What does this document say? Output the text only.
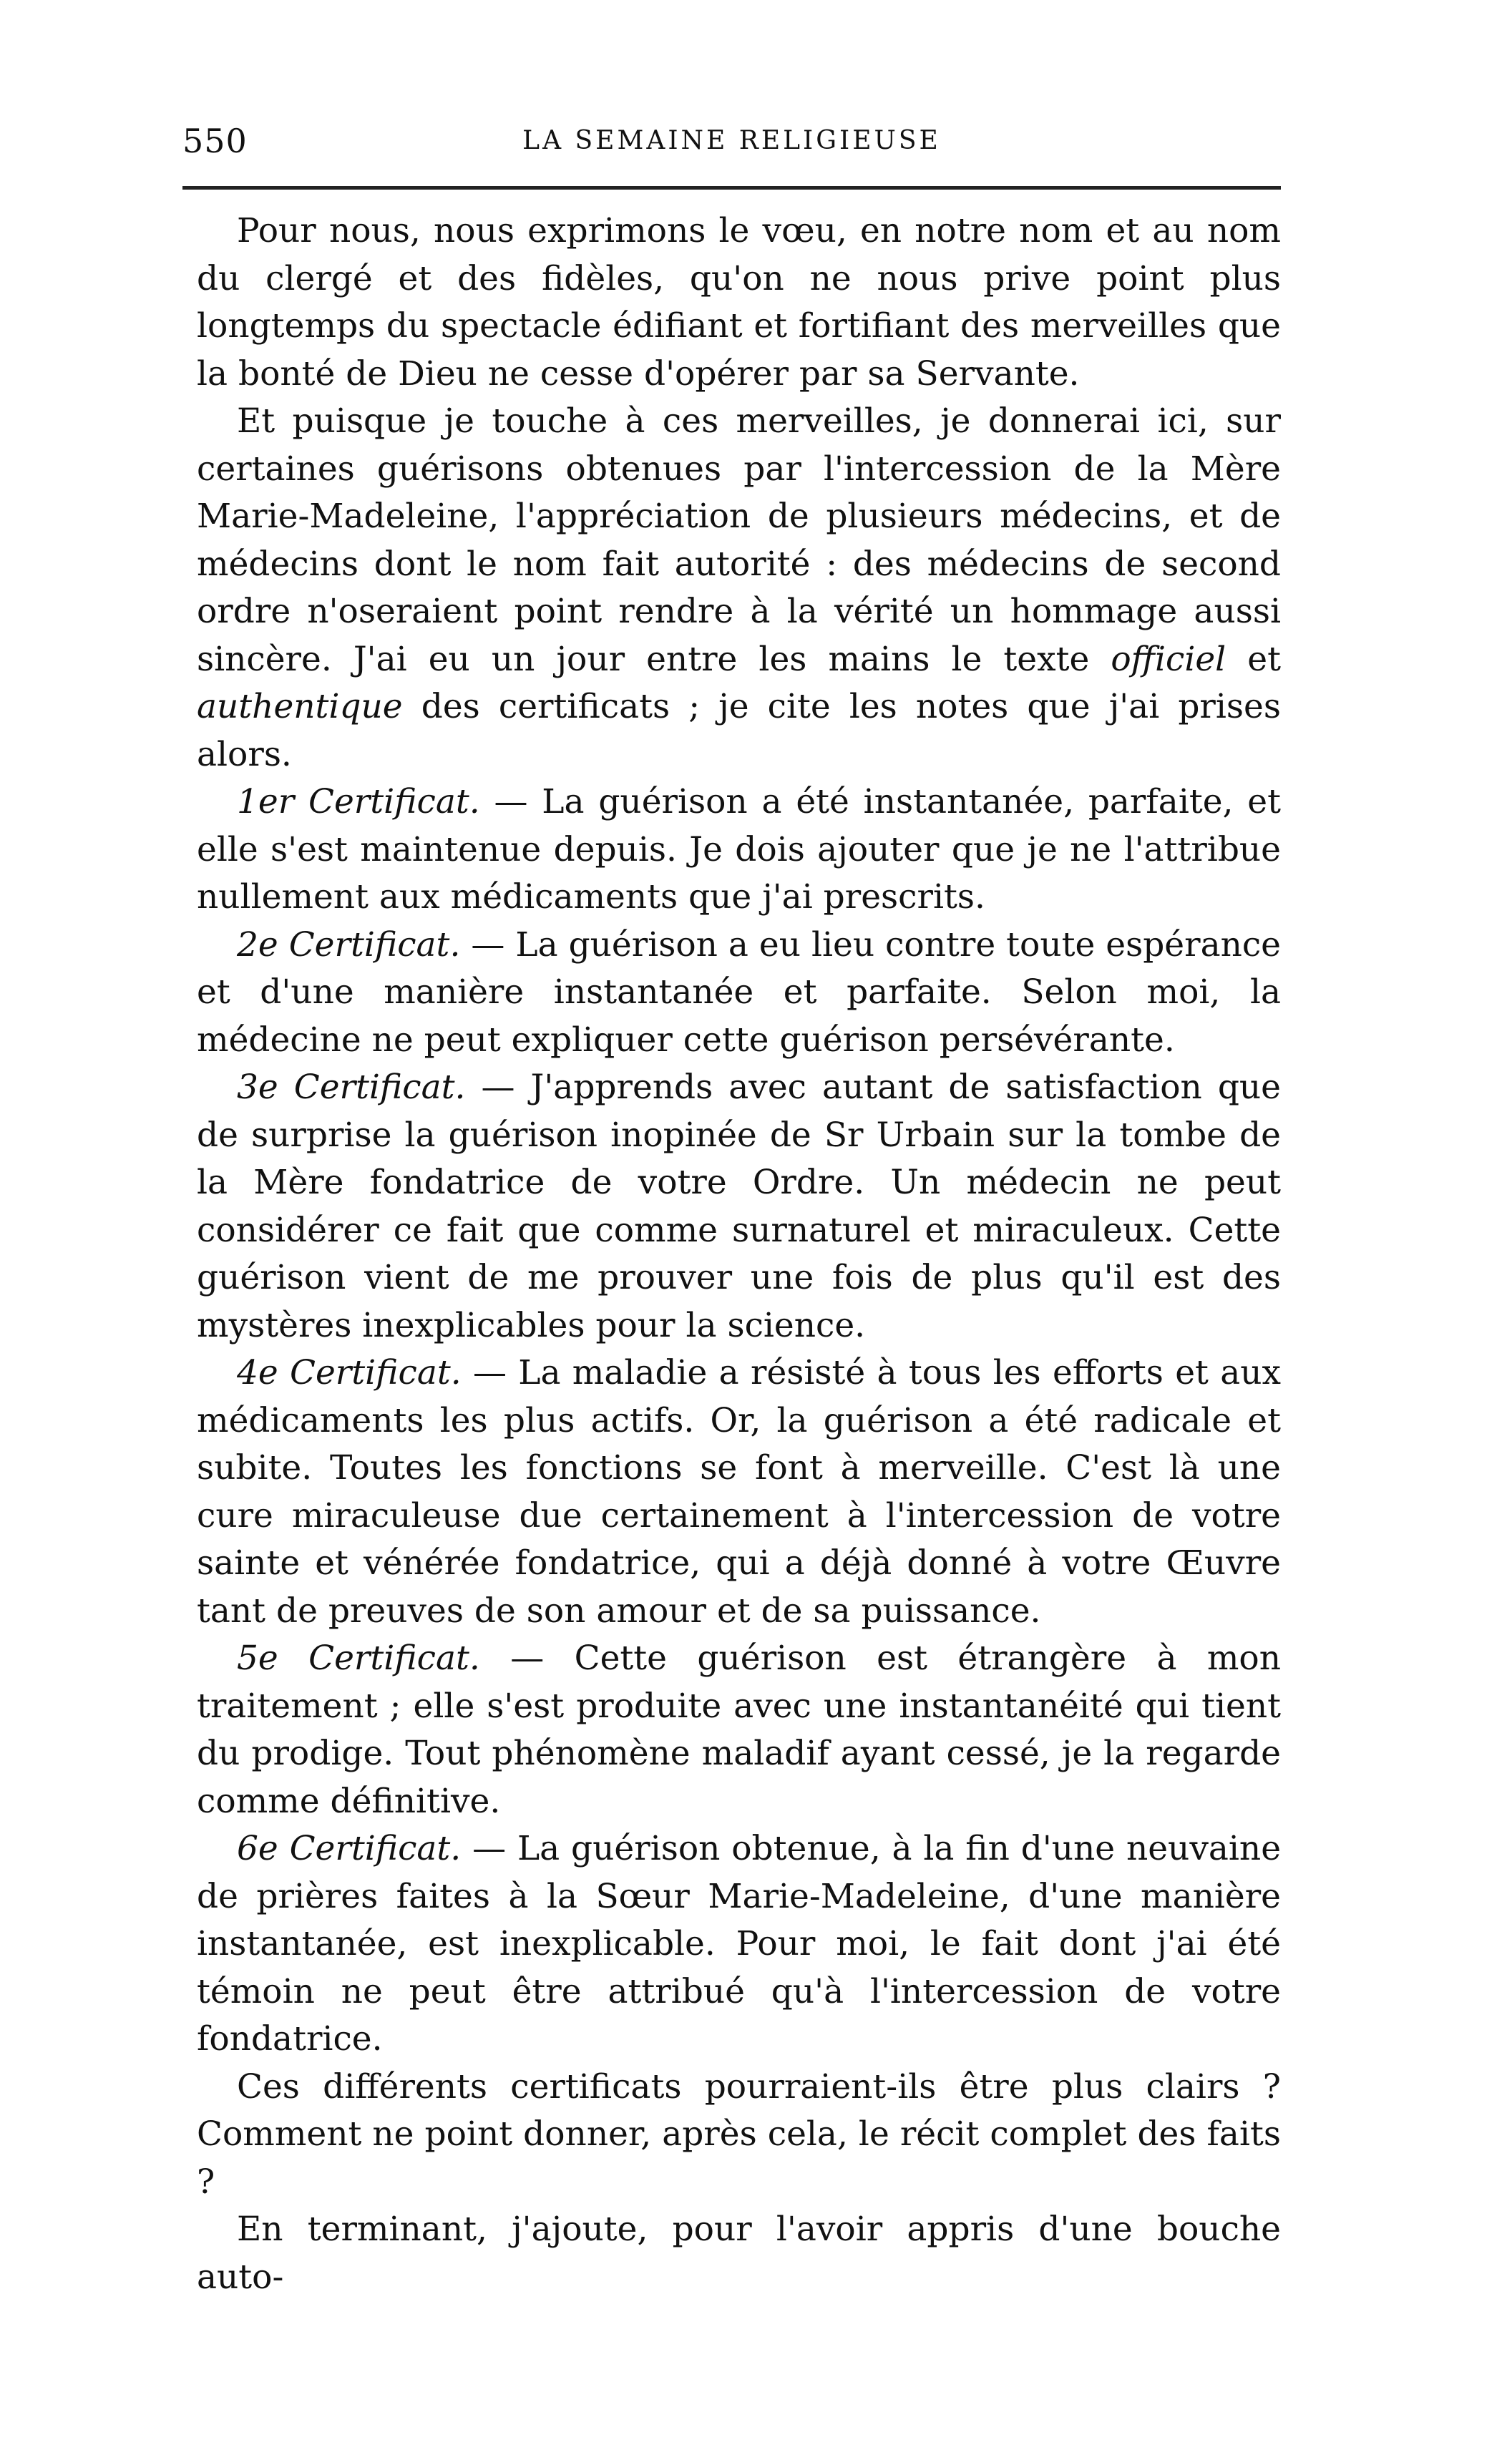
550	LA SEMAINE RELIGIEUSE

Pour nous, nous exprimons le vœu, en notre nom et au nom du clergé et des fidèles, qu'on ne nous prive point plus longtemps du spectacle édifiant et fortifiant des merveilles que la bonté de Dieu ne cesse d'opérer par sa Servante.

Et puisque je touche à ces merveilles, je donnerai ici, sur certaines guérisons obtenues par l'intercession de la Mère Marie-Madeleine, l'appréciation de plusieurs médecins, et de médecins dont le nom fait autorité : des médecins de second ordre n'oseraient point rendre à la vérité un hommage aussi sincère. J'ai eu un jour entre les mains le texte officiel et authentique des certificats ; je cite les notes que j'ai prises alors.

1er Certificat. — La guérison a été instantanée, parfaite, et elle s'est maintenue depuis. Je dois ajouter que je ne l'attribue nullement aux médicaments que j'ai prescrits.

2e Certificat. — La guérison a eu lieu contre toute espérance et d'une manière instantanée et parfaite. Selon moi, la médecine ne peut expliquer cette guérison persévérante.

3e Certificat. — J'apprends avec autant de satisfaction que de surprise la guérison inopinée de Sr Urbain sur la tombe de la Mère fondatrice de votre Ordre. Un médecin ne peut considérer ce fait que comme surnaturel et miraculeux. Cette guérison vient de me prouver une fois de plus qu'il est des mystères inexplicables pour la science.

4e Certificat. — La maladie a résisté à tous les efforts et aux médicaments les plus actifs. Or, la guérison a été radicale et subite. Toutes les fonctions se font à merveille. C'est là une cure miraculeuse due certainement à l'intercession de votre sainte et vénérée fondatrice, qui a déjà donné à votre Œuvre tant de preuves de son amour et de sa puissance.

5e Certificat. — Cette guérison est étrangère à mon traitement ; elle s'est produite avec une instantanéité qui tient du prodige. Tout phénomène maladif ayant cessé, je la regarde comme définitive.

6e Certificat. — La guérison obtenue, à la fin d'une neuvaine de prières faites à la Sœur Marie-Madeleine, d'une manière instantanée, est inexplicable. Pour moi, le fait dont j'ai été témoin ne peut être attribué qu'à l'intercession de votre fondatrice.

Ces différents certificats pourraient-ils être plus clairs ? Comment ne point donner, après cela, le récit complet des faits ?

En terminant, j'ajoute, pour l'avoir appris d'une bouche auto-
